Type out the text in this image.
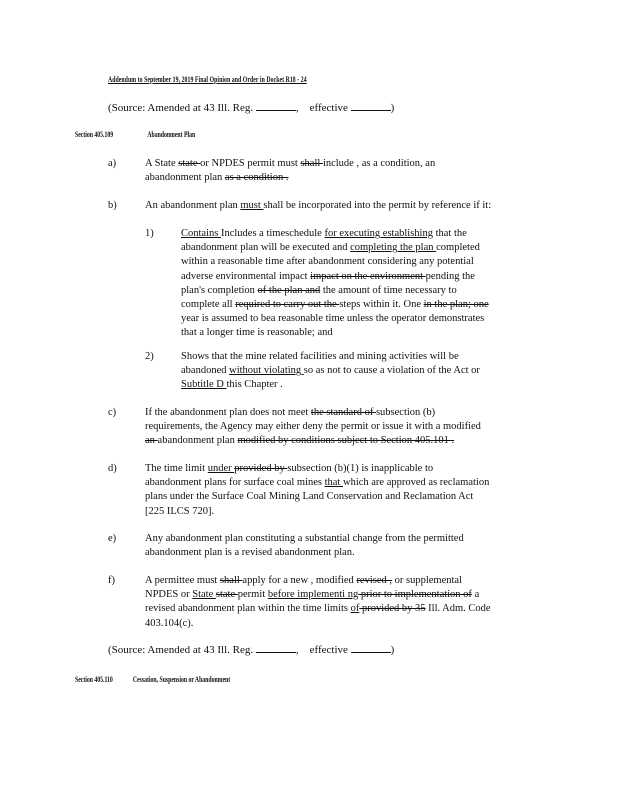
Addendum to September 19, 2019 Final Opinion and Order in Docket R18 - 24
(Source: Amended at 43 Ill. Reg.	,    effective	)
Section 405.109	Abandonment Plan
a)	A State state or NPDES permit must shall include , as a condition, an
abandonment plan as a condition .
b)	An abandonment plan must shall be incorporated into the permit by reference if it:
1)	Contains Includes a timeschedule for executing establishing that the
abandonment plan will be executed and completing the plan completed
within a reasonable time after abandonment considering any potential
adverse environmental impact impact on the environment pending the
plan's completion of the plan and the amount of time necessary to
complete all required to carry out the steps within it. One in the plan; one
year is assumed to bea reasonable time unless the operator demonstrates
that a longer time is reasonable; and
2)	Shows that the mine related facilities and mining activities will be
abandoned without violating so as not to cause a violation of the Act or
Subtitle D this Chapter .
c)	If the abandonment plan does not meet the standard of subsection (b)
requirements, the Agency may either deny the permit or issue it with a modified
an abandonment plan modified by conditions subject to Section 405.101 .
d)	The time limit under provided by subsection (b)(1) is inapplicable to
abandonment plans for surface coal mines that which are approved as reclamation
plans under the Surface Coal Mining Land Conservation and Reclamation Act
[225 ILCS 720].
e)	Any abandonment plan constituting a substantial change from the permitted
abandonment plan is a revised abandonment plan.
f)	A permittee must shall apply for a new , modified revised , or supplemental
NPDES or State state permit before implementi ng prior to implementation of a
revised abandonment plan within the time limits of provided by 35 Ill. Adm. Code
403.104(c).
(Source: Amended at 43 Ill. Reg.	,    effective	)
Section 405.110	Cessation, Suspension or Abandonment
